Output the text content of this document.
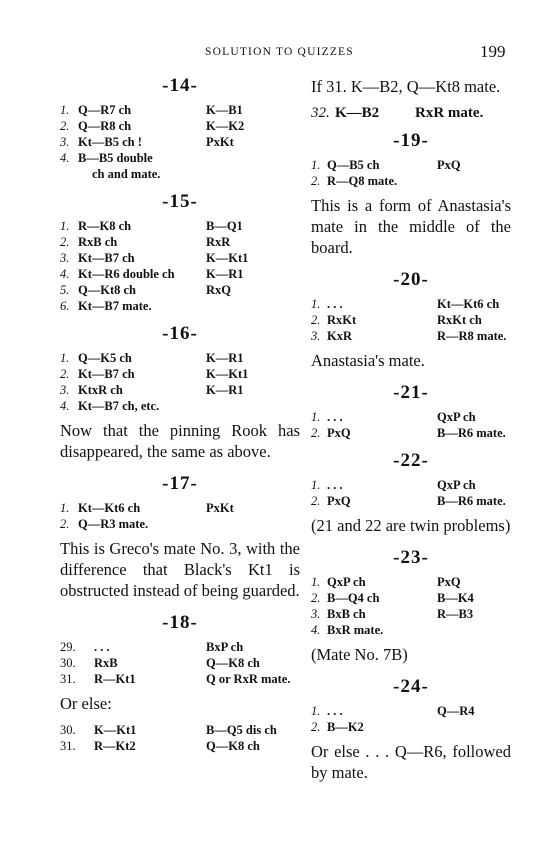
SOLUTION TO QUIZZES	199
-14-
1. Q—R7 ch	K—B1
2. Q—R8 ch	K—K2
3. Kt—B5 ch !	PxKt
4. B—B5 double
ch and mate.
-15-
1. R—K8 ch	B—Q1
2. RxB ch	RxR
3. Kt—B7 ch	K—Kt1
4. Kt—R6 double ch	K—R1
5. Q—Kt8 ch	RxQ
6. Kt—B7 mate.
-16-
1. Q—K5 ch	K—R1
2. Kt—B7 ch	K—Kt1
3. KtxR ch	K—R1
4. Kt—B7 ch, etc.
Now that the pinning Rook has disappeared, the same as above.
-17-
1. Kt—Kt6 ch	PxKt
2. Q—R3 mate.
This is Greco's mate No. 3, with the difference that Black's Kt1 is obstructed instead of being guarded.
-18-
29.	. . .	BxP ch
30.	RxB	Q—K8 ch
31.	R—Kt1	Q or RxR mate.
Or else:
30.	K—Kt1	B—Q5 dis ch
31.	R—Kt2	Q—K8 ch
If 31. K—B2, Q—Kt8 mate.
32. K—B2	RxR mate.
-19-
1. Q—B5 ch	PxQ
2. R—Q8 mate.
This is a form of Anastasia's mate in the middle of the board.
-20-
1. . . .	Kt—Kt6 ch
2. RxKt	RxKt ch
3. KxR	R—R8 mate.
Anastasia's mate.
-21-
1. . . .	QxP ch
2. PxQ	B—R6 mate.
-22-
1. . . .	QxP ch
2. PxQ	B—R6 mate.
(21 and 22 are twin problems)
-23-
1. QxP ch	PxQ
2. B—Q4 ch	B—K4
3. BxB ch	R—B3
4. BxR mate.
(Mate No. 7B)
-24-
1. . . .	Q—R4
2. B—K2
Or else . . . Q—R6, followed by mate.
